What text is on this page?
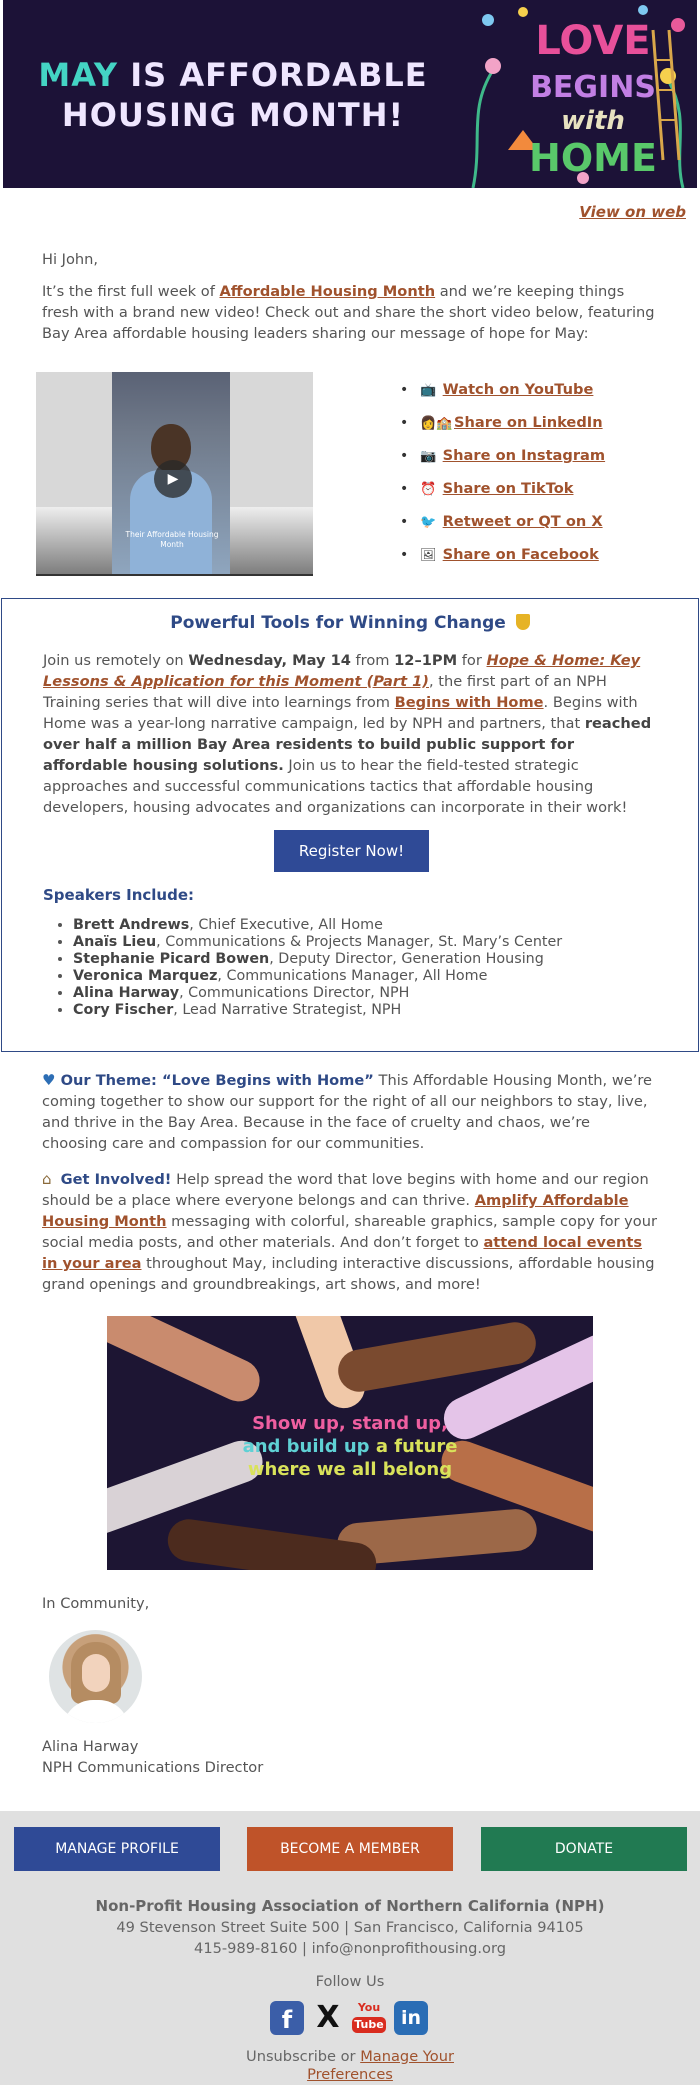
MAY IS AFFORDABLE
HOUSING MONTH!
LOVE
BEGINS
with
HOME
View on web
Hi John,
It’s the first full week of Affordable Housing Month and we’re keeping things fresh with a brand new video! Check out and share the short video below, featuring Bay Area affordable housing leaders sharing our message of hope for May:
▶
Their Affordable Housing Month
• 📺 Watch on YouTube
• 👩🏫 Share on LinkedIn
• 📷 Share on Instagram
• ⏰ Share on TikTok
• 🐦 Retweet or QT on X
• 🖼 Share on Facebook
Powerful Tools for Winning Change
Join us remotely on Wednesday, May 14 from 12–1PM for Hope & Home: Key Lessons & Application for this Moment (Part 1), the first part of an NPH Training series that will dive into learnings from Begins with Home. Begins with Home was a year-long narrative campaign, led by NPH and partners, that reached over half a million Bay Area residents to build public support for affordable housing solutions. Join us to hear the field-tested strategic approaches and successful communications tactics that affordable housing developers, housing advocates and organizations can incorporate in their work!
Register Now!
Speakers Include:
• Brett Andrews, Chief Executive, All Home
• Anaïs Lieu, Communications & Projects Manager, St. Mary’s Center
• Stephanie Picard Bowen, Deputy Director, Generation Housing
• Veronica Marquez, Communications Manager, All Home
• Alina Harway, Communications Director, NPH
• Cory Fischer, Lead Narrative Strategist, NPH
♥ Our Theme: “Love Begins with Home” This Affordable Housing Month, we’re coming together to show our support for the right of all our neighbors to stay, live, and thrive in the Bay Area. Because in the face of cruelty and chaos, we’re choosing care and compassion for our communities.
⌂ Get Involved! Help spread the word that love begins with home and our region should be a place where everyone belongs and can thrive. Amplify Affordable Housing Month messaging with colorful, shareable graphics, sample copy for your social media posts, and other materials. And don’t forget to attend local events in your area throughout May, including interactive discussions, affordable housing grand openings and groundbreakings, art shows, and more!
Show up, stand up,
and build up a future
where we all belong
In Community,
Alina Harway
NPH Communications Director
MANAGE PROFILE	BECOME A MEMBER	DONATE
Non-Profit Housing Association of Northern California (NPH)
49 Stevenson Street Suite 500 | San Francisco, California 94105
415-989-8160 | info@nonprofithousing.org
Follow Us
f X	You
Tube in
Unsubscribe or Manage Your
Preferences
